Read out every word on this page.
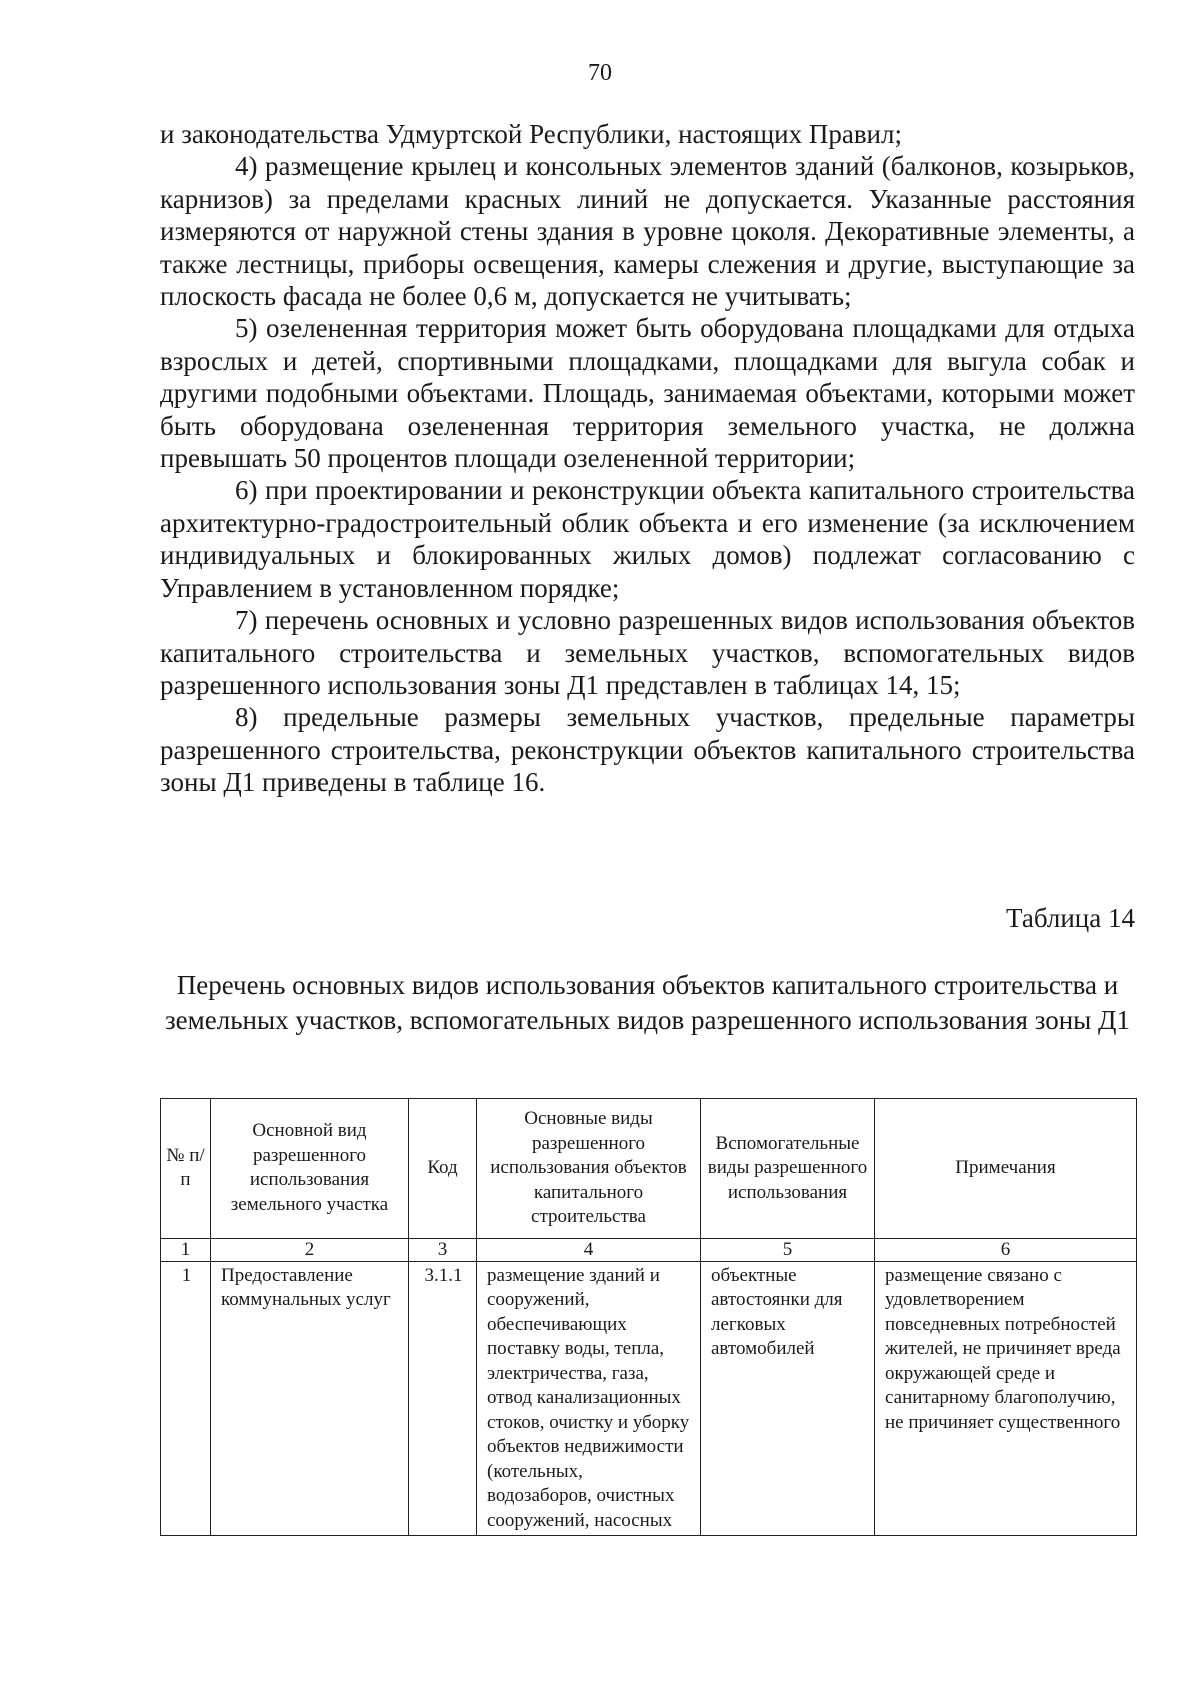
70

и законодательства Удмуртской Республики, настоящих Правил;

4) размещение крылец и консольных элементов зданий (балконов, козырьков, карнизов) за пределами красных линий не допускается. Указанные расстояния измеряются от наружной стены здания в уровне цоколя. Декоративные элементы, а также лестницы, приборы освещения, камеры слежения и другие, выступающие за плоскость фасада не более 0,6 м, допускается не учитывать;

5) озелененная территория может быть оборудована площадками для отдыха взрослых и детей, спортивными площадками, площадками для выгула собак и другими подобными объектами. Площадь, занимаемая объектами, которыми может быть оборудована озелененная территория земельного участка, не должна превышать 50 процентов площади озелененной территории;

6) при проектировании и реконструкции объекта капитального строительства архитектурно-градостроительный облик объекта и его изменение (за исключением индивидуальных и блокированных жилых домов) подлежат согласованию с Управлением в установленном порядке;

7) перечень основных и условно разрешенных видов использования объектов капитального строительства и земельных участков, вспомогательных видов разрешенного использования зоны Д1 представлен в таблицах 14, 15;

8) предельные размеры земельных участков, предельные параметры разрешенного строительства, реконструкции объектов капитального строительства зоны Д1 приведены в таблице 16.

Таблица 14
Перечень основных видов использования объектов капитального строительства и земельных участков, вспомогательных видов разрешенного использования зоны Д1
№ п/п	Основной вид разрешенного использования земельного участка	Код	Основные виды разрешенного использования объектов капитального строительства	Вспомогательные виды разрешенного использования	Примечания
1	2	3	4	5	6
1	Предоставление коммунальных услуг	3.1.1	размещение зданий и сооружений, обеспечивающих поставку воды, тепла, электричества, газа, отвод канализационных стоков, очистку и уборку объектов недвижимости (котельных, водозаборов, очистных сооружений, насосных	объектные автостоянки для легковых автомобилей	размещение связано с удовлетворением повседневных потребностей жителей, не причиняет вреда окружающей среде и санитарному благополучию, не причиняет существенного
